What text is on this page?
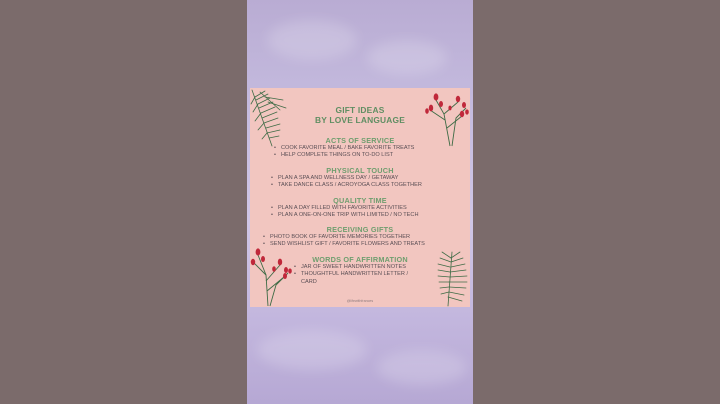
GIFT IDEAS
BY LOVE LANGUAGE
ACTS OF SERVICE
• COOK FAVORITE MEAL / BAKE FAVORITE TREATS
• HELP COMPLETE THINGS ON TO-DO LIST
PHYSICAL TOUCH
• PLAN A SPA AND WELLNESS DAY / GETAWAY
• TAKE DANCE CLASS / ACROYOGA CLASS TOGETHER
QUALITY TIME
• PLAN A DAY FILLED WITH FAVORITE ACTIVITIES
• PLAN A ONE-ON-ONE TRIP WITH LIMITED / NO TECH
RECEIVING GIFTS
• PHOTO BOOK OF FAVORITE MEMORIES TOGETHER
• SEND WISHLIST GIFT / FAVORITE FLOWERS AND TREATS
WORDS OF AFFIRMATION
• JAR OF SWEET HANDWRITTEN NOTES
• THOUGHTFUL HANDWRITTEN LETTER / CARD
@lifewithfrances
